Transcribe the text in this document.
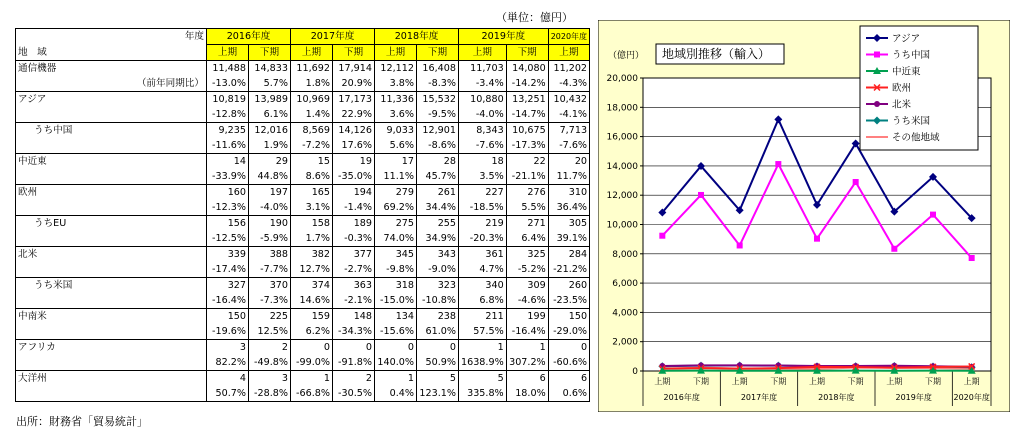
（単位：億円）
年度	2016年度		2017年度		2018年度		2019年度		2020年度
地　域	上期	下期	上期	下期	上期	下期	上期	下期	上期
通信機器	11,488	14,833	11,692	17,914	12,112	16,408	11,703	14,080	11,202
（前年同期比）	-13.0%	5.7%	1.8%	20.9%	3.8%	-8.3%	-3.4%	-14.2%	-4.3%
アジア	10,819	13,989	10,969	17,173	11,336	15,532	10,880	13,251	10,432
	-12.8%	6.1%	1.4%	22.9%	3.6%	-9.5%	-4.0%	-14.7%	-4.1%
うち中国	9,235	12,016	8,569	14,126	9,033	12,901	8,343	10,675	7,713
	-11.6%	1.9%	-7.2%	17.6%	5.6%	-8.6%	-7.6%	-17.3%	-7.6%
中近東	14	29	15	19	17	28	18	22	20
	-33.9%	44.8%	8.6%	-35.0%	11.1%	45.7%	3.5%	-21.1%	11.7%
欧州	160	197	165	194	279	261	227	276	310
	-12.3%	-4.0%	3.1%	-1.4%	69.2%	34.4%	-18.5%	5.5%	36.4%
うちEU	156	190	158	189	275	255	219	271	305
	-12.5%	-5.9%	1.7%	-0.3%	74.0%	34.9%	-20.3%	6.4%	39.1%
北米	339	388	382	377	345	343	361	325	284
	-17.4%	-7.7%	12.7%	-2.7%	-9.8%	-9.0%	4.7%	-5.2%	-21.2%
うち米国	327	370	374	363	318	323	340	309	260
	-16.4%	-7.3%	14.6%	-2.1%	-15.0%	-10.8%	6.8%	-4.6%	-23.5%
中南米	150	225	159	148	134	238	211	199	150
	-19.6%	12.5%	6.2%	-34.3%	-15.6%	61.0%	57.5%	-16.4%	-29.0%
アフリカ	3	2	0	0	0	0	1	1	0
	82.2%	-49.8%	-99.0%	-91.8%	140.0%	50.9%	1638.9%	307.2%	-60.6%
大洋州	4	3	1	2	1	5	5	6	6
	50.7%	-28.8%	-66.8%	-30.5%	0.4%	123.1%	335.8%	18.0%	0.6%
出所：財務省「貿易統計」
0
2,000
4,000
6,000
8,000
10,000
12,000
14,000
16,000
18,000
20,000
上期	下期	上期	下期	上期	下期	上期	下期	上期
2016年度	2017年度	2018年度	2019年度	2020年度
（億円） 地域別推移（輸入）
アジア
うち中国
中近東
欧州
北米
うち米国
その他地域
